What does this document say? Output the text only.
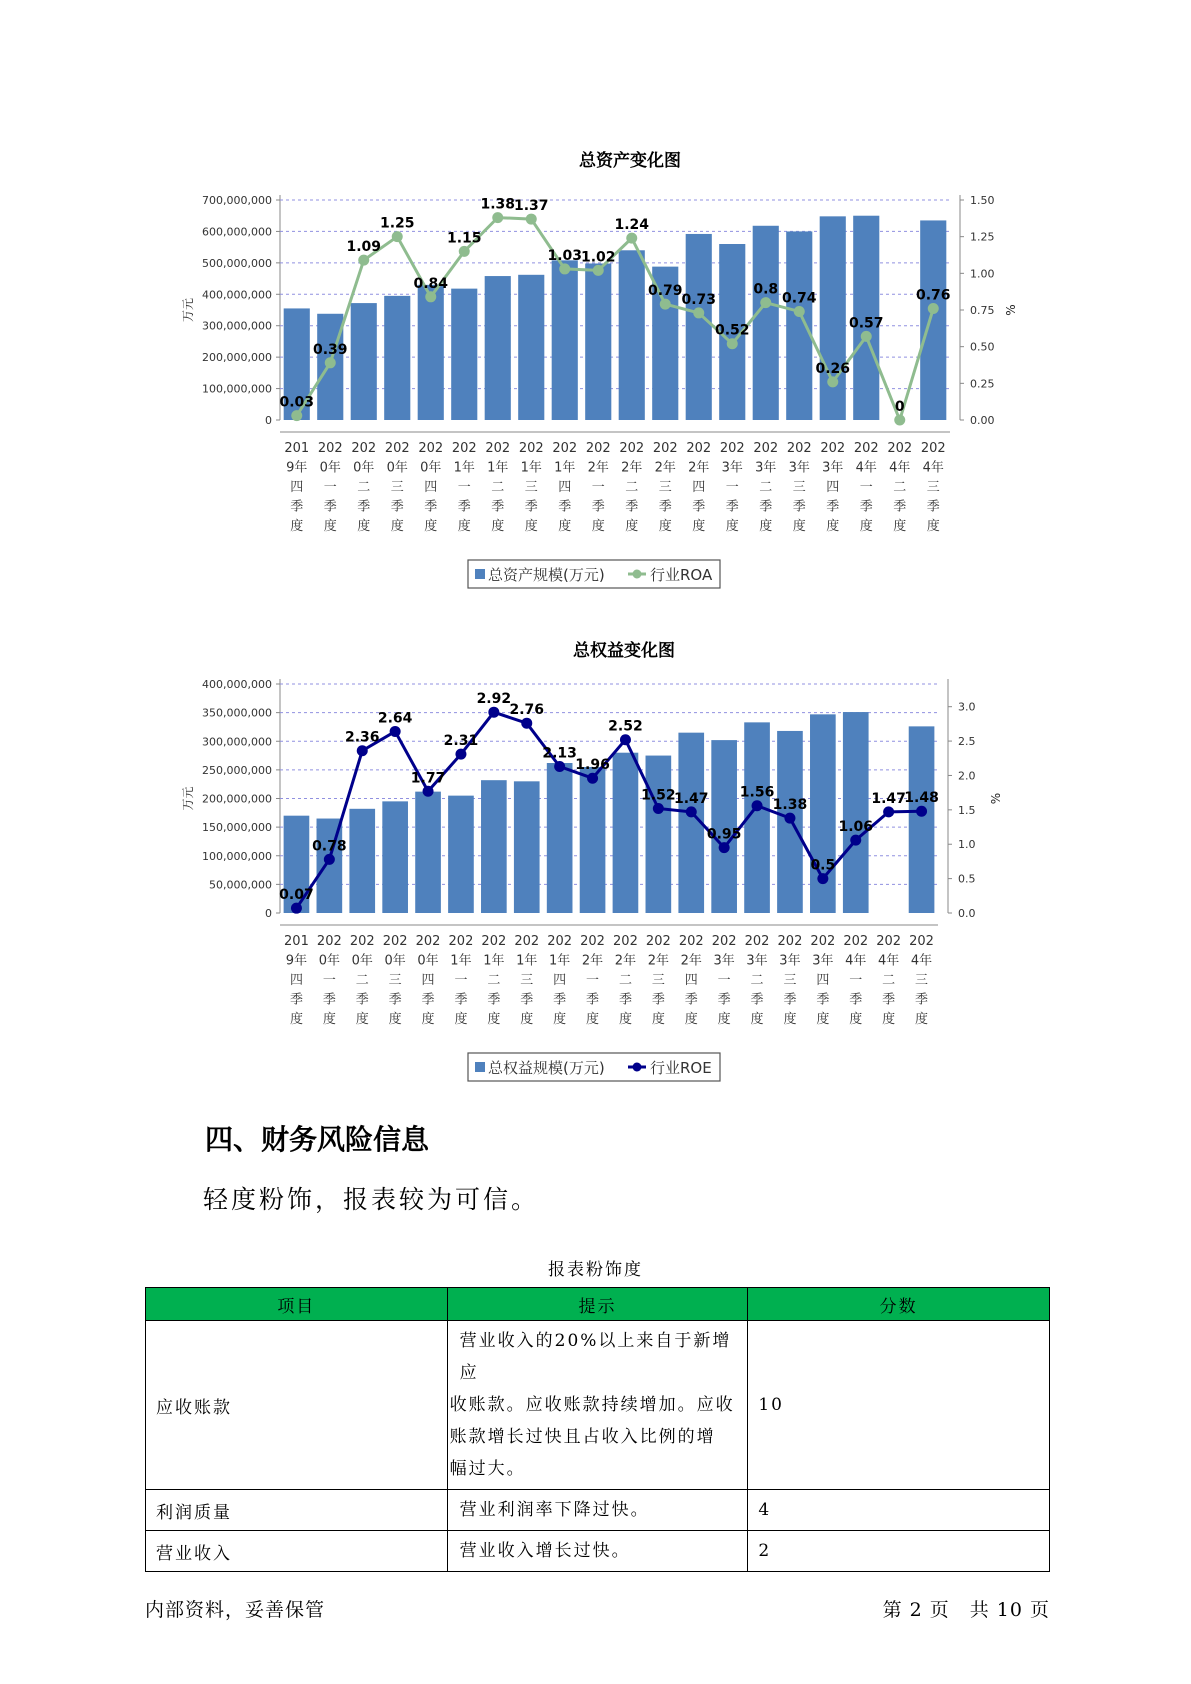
总资产变化图
0
100,000,000
200,000,000
300,000,000
400,000,000
500,000,000
600,000,000
700,000,000
0.00
0.25
0.50
0.75
1.00
1.25
1.50
万元	%
0.03
0.39
1.09
1.25
0.84
1.15
1.38
1.37
1.03
1.02
1.24
0.79
0.73
0.52
0.8
0.74
0.26
0.57
0
0.76
201
9年
四
季
度
202
0年
一
季
度
202
0年
二
季
度
202
0年
三
季
度
202
0年
四
季
度
202
1年
一
季
度
202
1年
二
季
度
202
1年
三
季
度
202
1年
四
季
度
202
2年
一
季
度
202
2年
二
季
度
202
2年
三
季
度
202
2年
四
季
度
202
3年
一
季
度
202
3年
二
季
度
202
3年
三
季
度
202
3年
四
季
度
202
4年
一
季
度
202
4年
二
季
度
202
4年
三
季
度
总资产规模(万元)	行业ROA
总权益变化图
0
50,000,000
100,000,000
150,000,000
200,000,000
250,000,000
300,000,000
350,000,000
400,000,000
0.0
0.5
1.0
1.5
2.0
2.5
3.0
万元	%
0.07
0.78
2.36
2.64
1.77
2.31
2.92
2.76
2.13
1.96
2.52
1.52
1.47
0.95
1.56
1.38
0.5
1.06
1.47
1.48
201
9年
四
季
度
202
0年
一
季
度
202
0年
二
季
度
202
0年
三
季
度
202
0年
四
季
度
202
1年
一
季
度
202
1年
二
季
度
202
1年
三
季
度
202
1年
四
季
度
202
2年
一
季
度
202
2年
二
季
度
202
2年
三
季
度
202
2年
四
季
度
202
3年
一
季
度
202
3年
二
季
度
202
3年
三
季
度
202
3年
四
季
度
202
4年
一
季
度
202
4年
二
季
度
202
4年
三
季
度
总权益规模(万元)	行业ROE
四、财务风险信息

轻度粉饰，报表较为可信。

报表粉饰度
项目	提示	分数
应收账款	营业收入的20%以上来自于新增应
收账款。应收账款持续增加。应收
账款增长过快且占收入比例的增
幅过大。	10
利润质量	营业利润率下降过快。	4
营业收入	营业收入增长过快。	2
内部资料，妥善保管	第 2 页　共 10 页
